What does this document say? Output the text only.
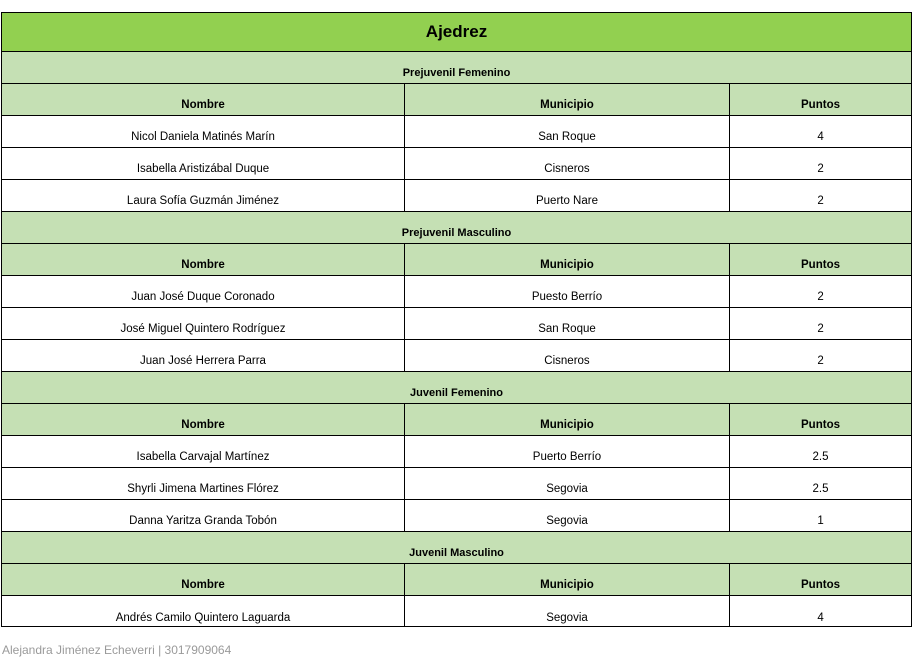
Ajedrez		
Prejuvenil Femenino		
Nombre	Municipio	Puntos
Nicol Daniela Matinés Marín	San Roque	4
Isabella Aristizábal Duque	Cisneros	2
Laura Sofía Guzmán Jiménez	Puerto Nare	2
Prejuvenil Masculino		
Nombre	Municipio	Puntos
Juan José Duque Coronado	Puesto Berrío	2
José Miguel Quintero Rodríguez	San Roque	2
Juan José Herrera Parra	Cisneros	2
Juvenil Femenino		
Nombre	Municipio	Puntos
Isabella Carvajal Martínez	Puerto Berrío	2.5
Shyrli Jimena Martines Flórez	Segovia	2.5
Danna Yaritza Granda Tobón	Segovia	1
Juvenil Masculino		
Nombre	Municipio	Puntos
Andrés Camilo Quintero Laguarda	Segovia	4
Alejandra Jiménez Echeverri | 3017909064
